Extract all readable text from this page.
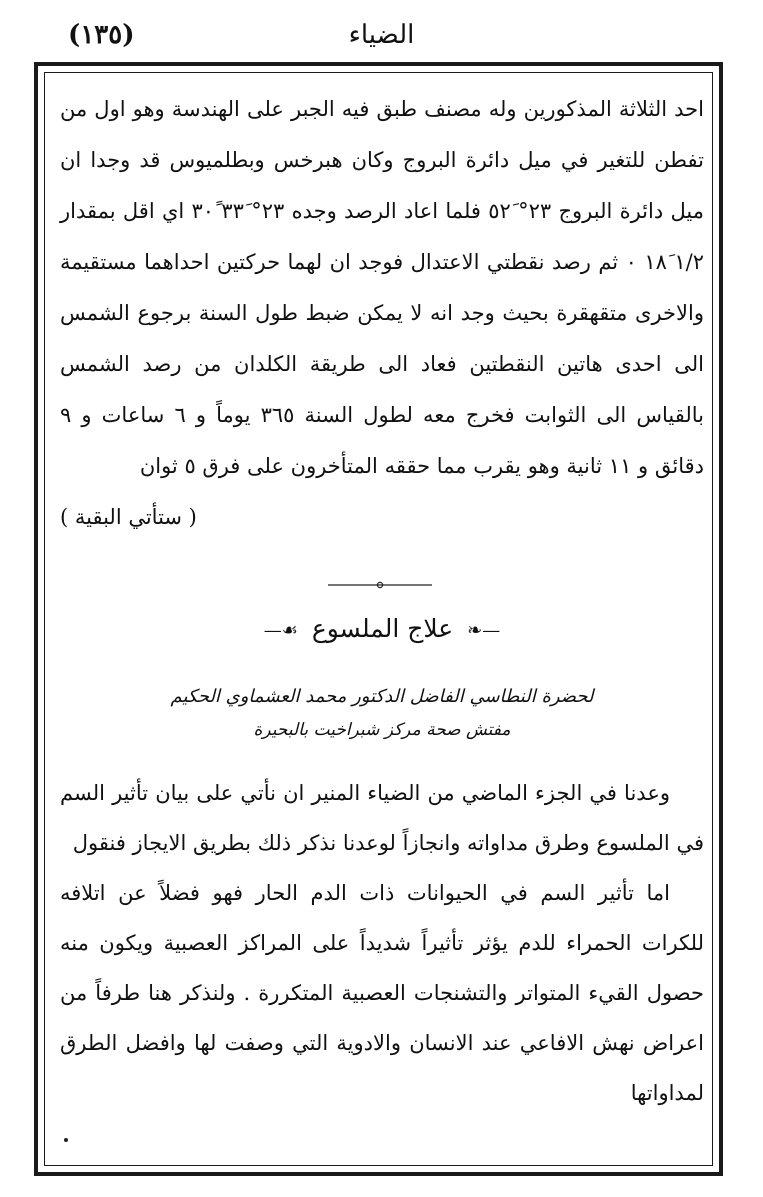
(١٣٥)	الضياء

احد الثلاثة المذكورين وله مصنف طبق فيه الجبر على الهندسة وهو اول من تفطن للتغير في ميل دائرة البروج وكان هبرخس وبطلميوس قد وجدا ان ميل دائرة البروج ٢٣° ٥٢َ فلما اعاد الرصد وجده ٢٣° ٣٣َ ٣٠ً اي اقل بمقدار ١/٢ ١٨َ ٠ ثم رصد نقطتي الاعتدال فوجد ان لهما حركتين احداهما مستقيمة والاخرى متقهقرة بحيث وجد انه لا يمكن ضبط طول السنة برجوع الشمس الى احدى هاتين النقطتين فعاد الى طريقة الكلدان من رصد الشمس بالقياس الى الثوابت فخرج معه لطول السنة ٣٦٥ يوماً و ٦ ساعات و ٩ دقائق و ١١ ثانية وهو يقرب مما حققه المتأخرون على فرق ٥ ثوان
( ستأتي البقية )

—❧ علاج الملسوع ☙—
لحضرة النطاسي الفاضل الدكتور محمد العشماوي الحكيم
مفتش صحة مركز شبراخيت بالبحيرة

وعدنا في الجزء الماضي من الضياء المنير ان نأتي على بيان تأثير السم في الملسوع وطرق مداواته وانجازاً لوعدنا نذكر ذلك بطريق الايجاز فنقول

اما تأثير السم في الحيوانات ذات الدم الحار فهو فضلاً عن اتلافه للكرات الحمراء للدم يؤثر تأثيراً شديداً على المراكز العصبية ويكون منه حصول القيء المتواتر والتشنجات العصبية المتكررة . ولنذكر هنا طرفاً من اعراض نهش الافاعي عند الانسان والادوية التي وصفت لها وافضل الطرق لمداواتها
